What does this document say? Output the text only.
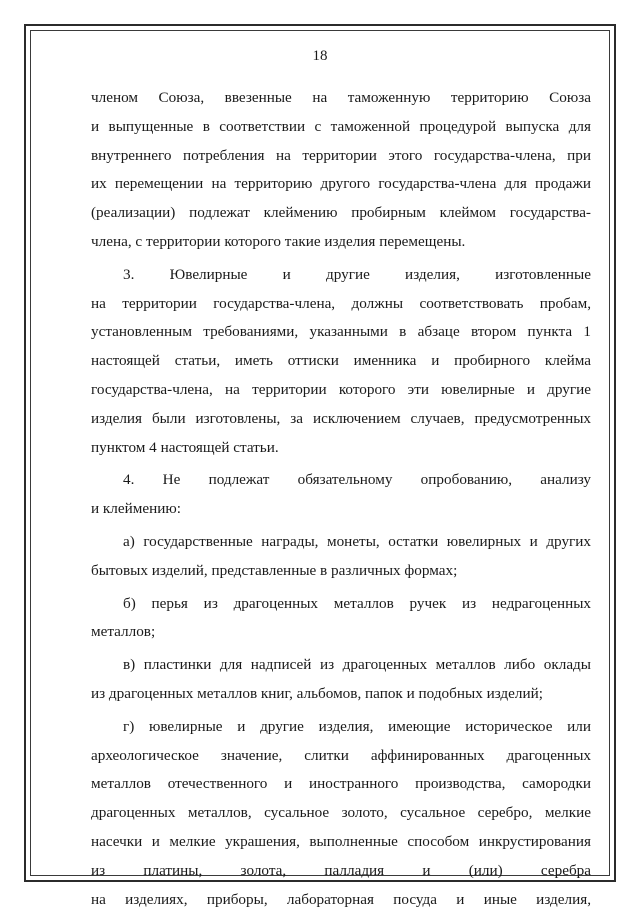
18
членом Союза, ввезенные на таможенную территорию Союза
и выпущенные в соответствии с таможенной процедурой выпуска для
внутреннего потребления на территории этого государства-члена, при
их перемещении на территорию другого государства-члена для продажи
(реализации) подлежат клеймению пробирным клеймом государства-
члена, с территории которого такие изделия перемещены.
3. Ювелирные и другие изделия, изготовленные
на территории государства-члена, должны соответствовать пробам,
установленным требованиями, указанными в абзаце втором пункта 1
настоящей статьи, иметь оттиски именника и пробирного клейма
государства-члена, на территории которого эти ювелирные и другие
изделия были изготовлены, за исключением случаев, предусмотренных
пунктом 4 настоящей статьи.
4. Не подлежат обязательному опробованию, анализу
и клеймению:
а) государственные награды, монеты, остатки ювелирных и других
бытовых изделий, представленные в различных формах;
б) перья из драгоценных металлов ручек из недрагоценных
металлов;
в) пластинки для надписей из драгоценных металлов либо оклады
из драгоценных металлов книг, альбомов, папок и подобных изделий;
г) ювелирные и другие изделия, имеющие историческое или
археологическое значение, слитки аффинированных драгоценных
металлов отечественного и иностранного производства, самородки
драгоценных металлов, сусальное золото, сусальное серебро, мелкие
насечки и мелкие украшения, выполненные способом инкрустирования
из платины, золота, палладия и (или) серебра
на изделиях, приборы, лабораторная посуда и иные изделия,
